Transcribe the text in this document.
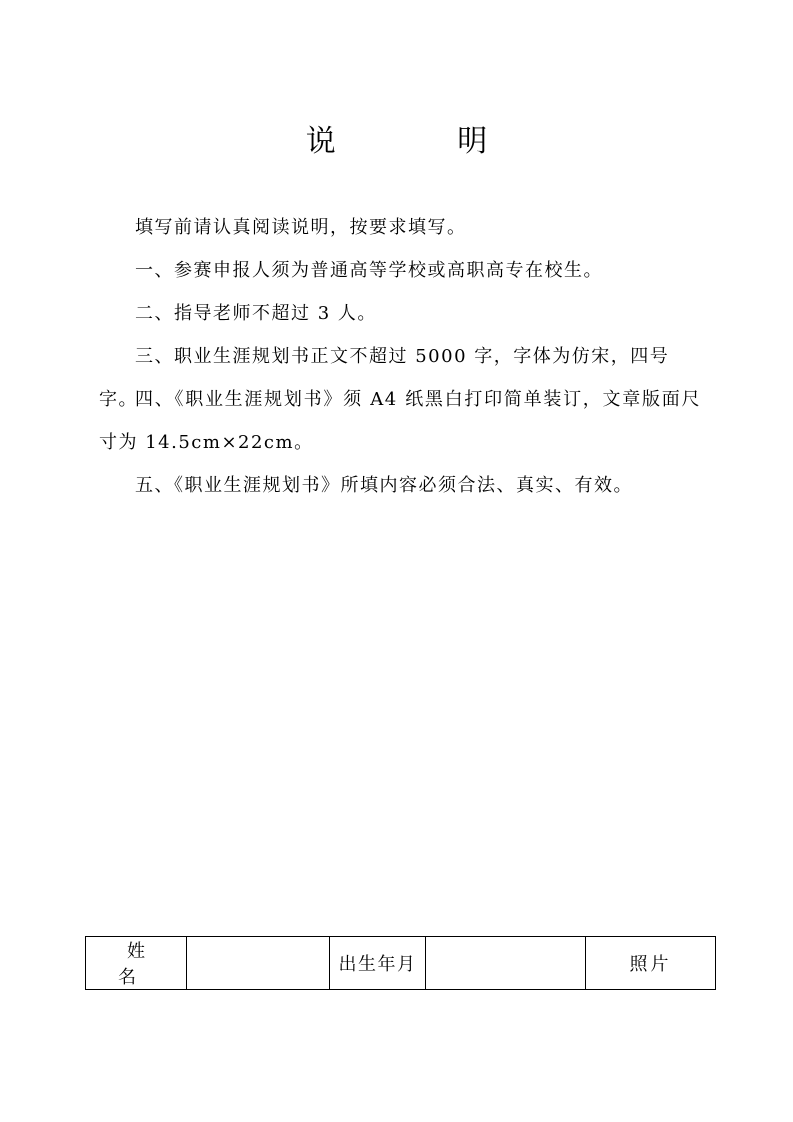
说 明

填写前请认真阅读说明，按要求填写。

一、参赛申报人须为普通高等学校或高职高专在校生。

二、指导老师不超过 3 人。

三、职业生涯规划书正文不超过 5000 字，字体为仿宋，四号字。

四、《职业生涯规划书》须 A4 纸黑白打印简单装订，文章版面尺寸为 14.5cm×22cm。

五、《职业生涯规划书》所填内容必须合法、真实、有效。

姓 名		出生年月		照片
